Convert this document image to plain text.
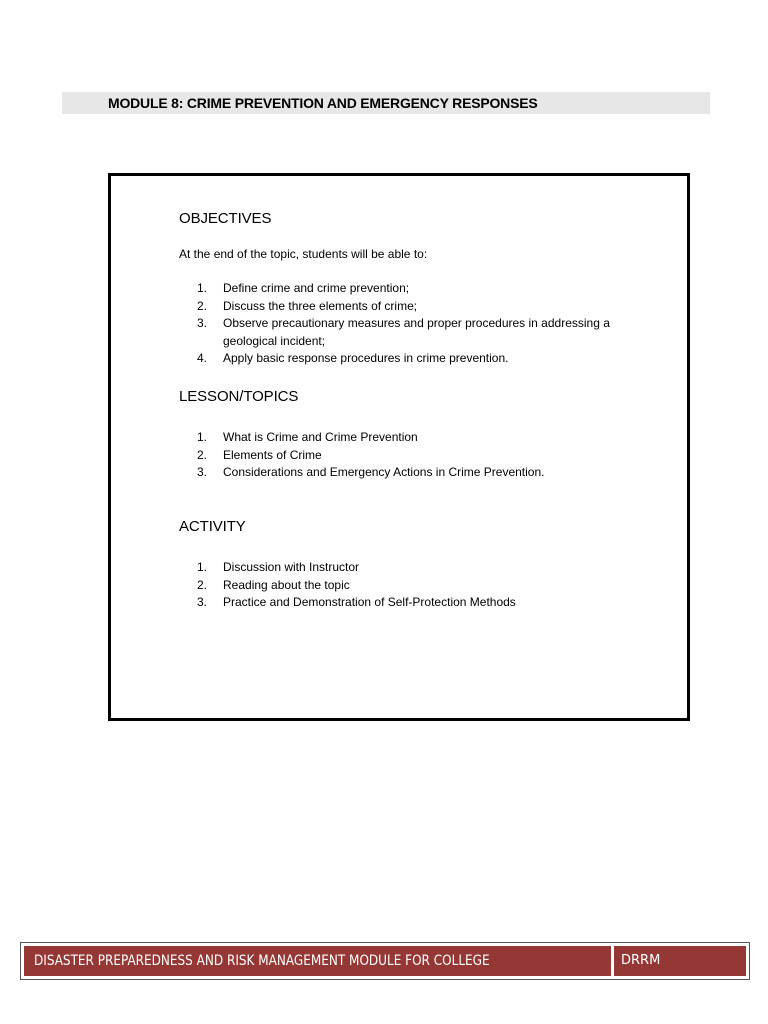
MODULE 8: CRIME PREVENTION AND EMERGENCY RESPONSES
OBJECTIVES
At the end of the topic, students will be able to:
1.	Define crime and crime prevention;
2.	Discuss the three elements of crime;
3.	Observe precautionary measures and proper procedures in addressing a geological incident;
4.	Apply basic response procedures in crime prevention.
LESSON/TOPICS
1.	What is Crime and Crime Prevention
2.	Elements of Crime
3.	Considerations and Emergency Actions in Crime Prevention.
ACTIVITY
1.	Discussion with Instructor
2.	Reading about the topic
3.	Practice and Demonstration of Self-Protection Methods
DISASTER PREPAREDNESS AND RISK MANAGEMENT MODULE FOR COLLEGE	DRRM
